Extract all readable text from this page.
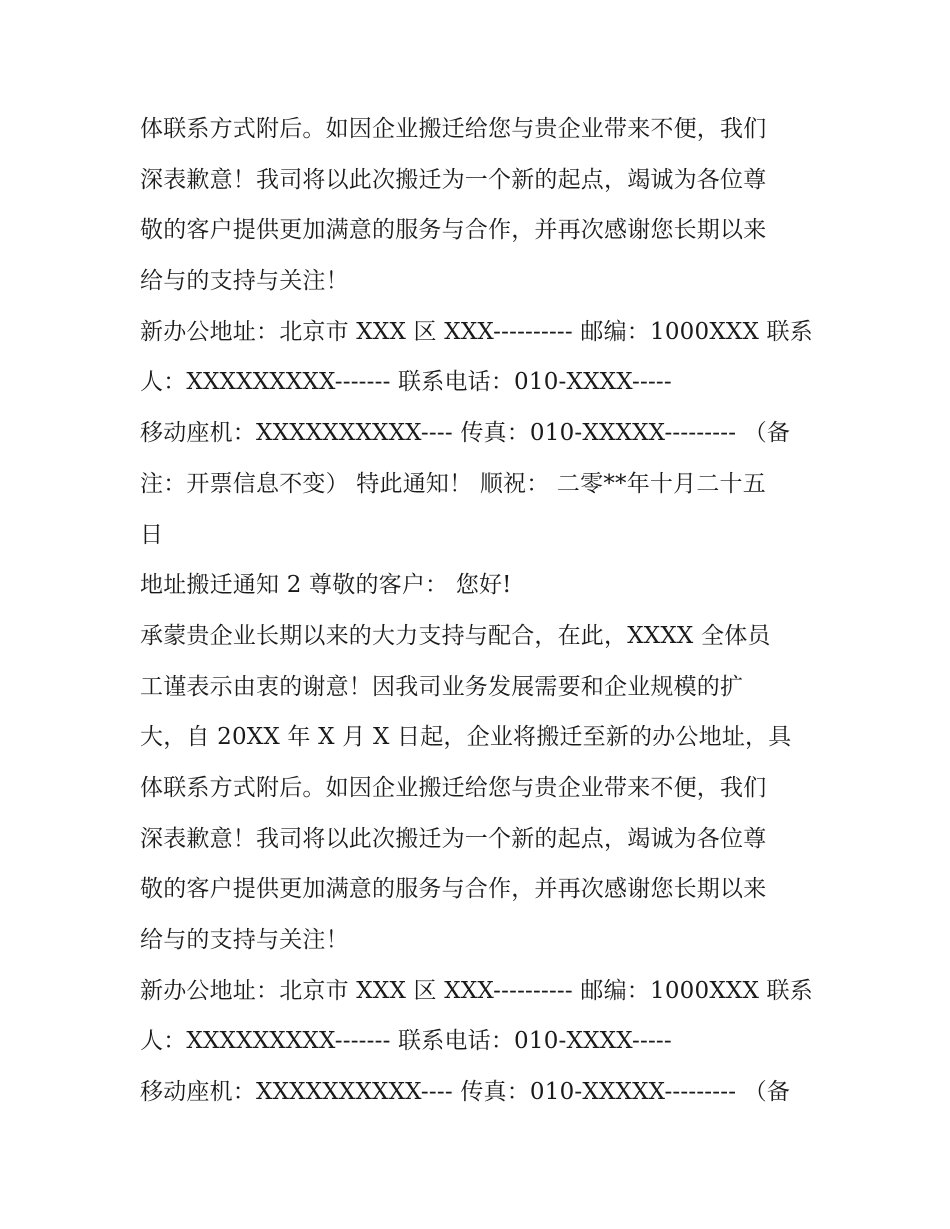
体联系方式附后。如因企业搬迁给您与贵企业带来不便，我们
深表歉意！我司将以此次搬迁为一个新的起点，竭诚为各位尊
敬的客户提供更加满意的服务与合作，并再次感谢您长期以来
给与的支持与关注！
新办公地址：北京市 XXX 区 XXX---------- 邮编：1000XXX 联系
人：XXXXXXXXX------- 联系电话：010-XXXX-----
移动座机：XXXXXXXXXX---- 传真：010-XXXXX--------- （备
注：开票信息不变） 特此通知！ 顺祝： 二零**年十月二十五
日
地址搬迁通知 2 尊敬的客户： 您好!
承蒙贵企业长期以来的大力支持与配合，在此，XXXX 全体员
工谨表示由衷的谢意！因我司业务发展需要和企业规模的扩
大，自 20XX 年 X 月 X 日起，企业将搬迁至新的办公地址，具
体联系方式附后。如因企业搬迁给您与贵企业带来不便，我们
深表歉意！我司将以此次搬迁为一个新的起点，竭诚为各位尊
敬的客户提供更加满意的服务与合作，并再次感谢您长期以来
给与的支持与关注！
新办公地址：北京市 XXX 区 XXX---------- 邮编：1000XXX 联系
人：XXXXXXXXX------- 联系电话：010-XXXX-----
移动座机：XXXXXXXXXX---- 传真：010-XXXXX--------- （备
